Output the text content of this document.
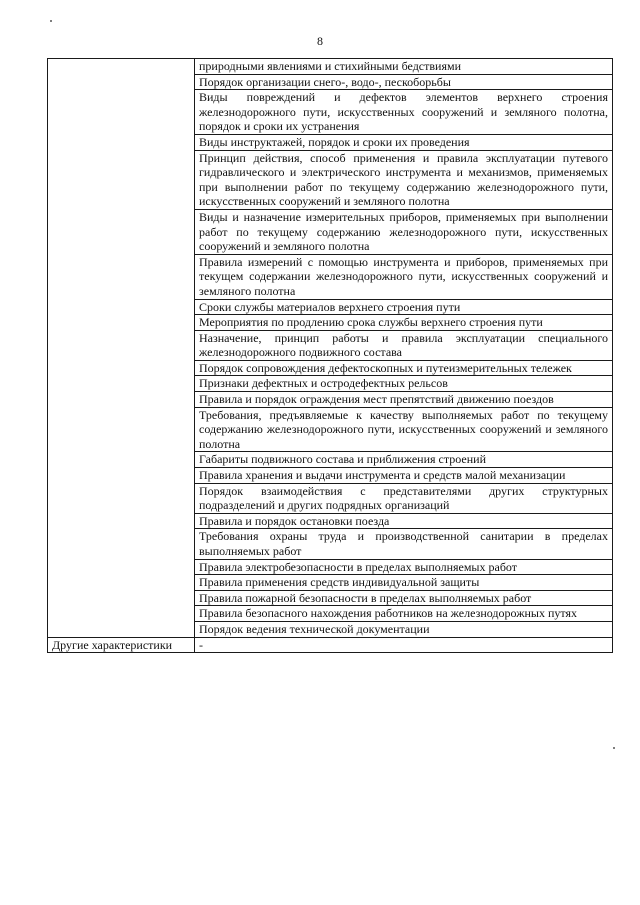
8
	природными явлениями и стихийными бедствиями
	Порядок организации снего-, водо-, пескоборьбы
	Виды повреждений и дефектов элементов верхнего строения железнодорожного пути, искусственных сооружений и земляного полотна, порядок и сроки их устранения
	Виды инструктажей, порядок и сроки их проведения
	Принцип действия, способ применения и правила эксплуатации путевого гидравлического и электрического инструмента и механизмов, применяемых при выполнении работ по текущему содержанию железнодорожного пути, искусственных сооружений и земляного полотна
	Виды и назначение измерительных приборов, применяемых при выполнении работ по текущему содержанию железнодорожного пути, искусственных сооружений и земляного полотна
	Правила измерений с помощью инструмента и приборов, применяемых при текущем содержании железнодорожного пути, искусственных сооружений и земляного полотна
	Сроки службы материалов верхнего строения пути
	Мероприятия по продлению срока службы верхнего строения пути
	Назначение, принцип работы и правила эксплуатации специального железнодорожного подвижного состава
	Порядок сопровождения дефектоскопных и путеизмерительных тележек
	Признаки дефектных и остродефектных рельсов
	Правила и порядок ограждения мест препятствий движению поездов
	Требования, предъявляемые к качеству выполняемых работ по текущему содержанию железнодорожного пути, искусственных сооружений и земляного полотна
	Габариты подвижного состава и приближения строений
	Правила хранения и выдачи инструмента и средств малой механизации
	Порядок взаимодействия с представителями других структурных подразделений и других подрядных организаций
	Правила и порядок остановки поезда
	Требования охраны труда и производственной санитарии в пределах выполняемых работ
	Правила электробезопасности в пределах выполняемых работ
	Правила применения средств индивидуальной защиты
	Правила пожарной безопасности в пределах выполняемых работ
	Правила безопасного нахождения работников на железнодорожных путях
	Порядок ведения технической документации
Другие характеристики	-
